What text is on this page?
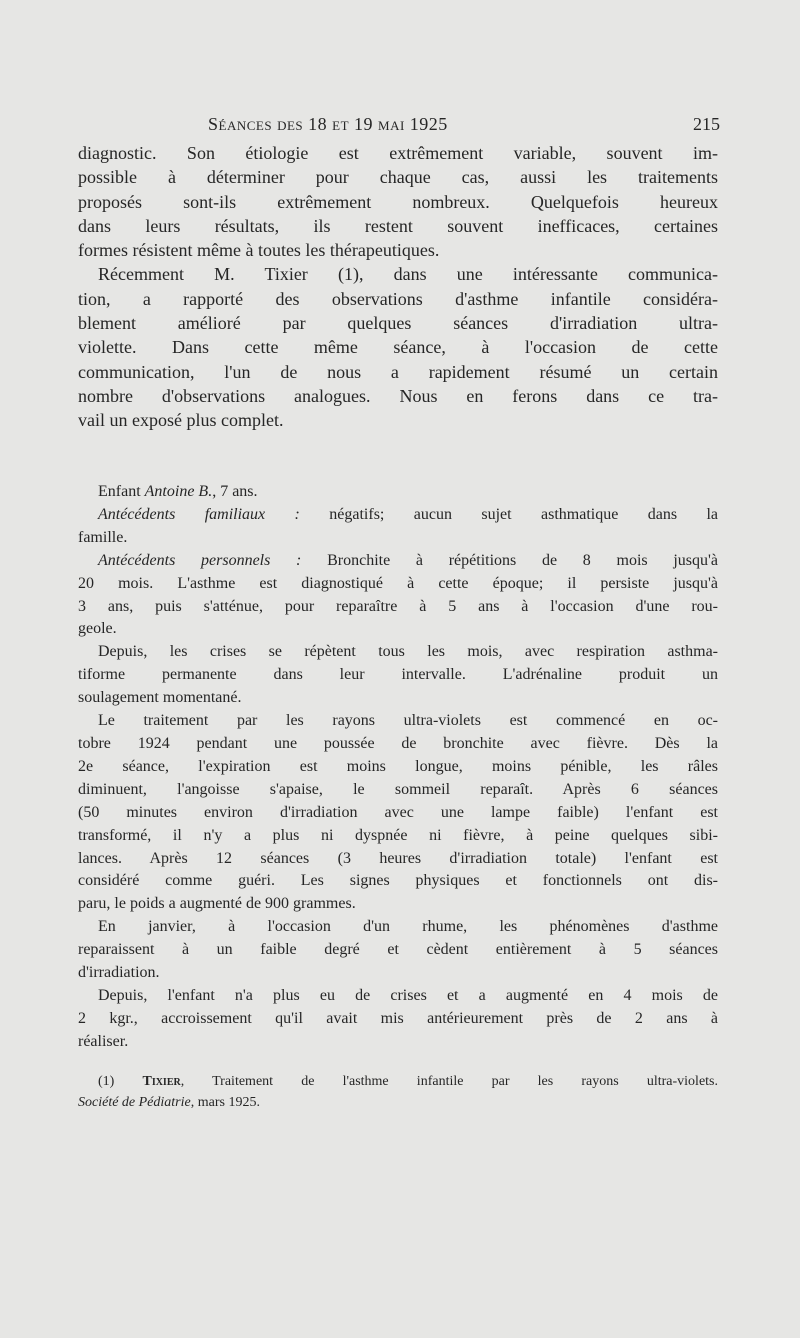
Séances des 18 et 19 mai 1925	215
diagnostic. Son étiologie est extrêmement variable, souvent im-
possible à déterminer pour chaque cas, aussi les traitements
proposés sont-ils extrêmement nombreux. Quelquefois heureux
dans leurs résultats, ils restent souvent inefficaces, certaines
formes résistent même à toutes les thérapeutiques.
Récemment M. Tixier (1), dans une intéressante communica-
tion, a rapporté des observations d'asthme infantile considéra-
blement amélioré par quelques séances d'irradiation ultra-
violette. Dans cette même séance, à l'occasion de cette
communication, l'un de nous a rapidement résumé un certain
nombre d'observations analogues. Nous en ferons dans ce tra-
vail un exposé plus complet.
Enfant Antoine B., 7 ans.
Antécédents familiaux : négatifs; aucun sujet asthmatique dans la
famille.
Antécédents personnels : Bronchite à répétitions de 8 mois jusqu'à
20 mois. L'asthme est diagnostiqué à cette époque; il persiste jusqu'à
3 ans, puis s'atténue, pour reparaître à 5 ans à l'occasion d'une rou-
geole.
Depuis, les crises se répètent tous les mois, avec respiration asthma-
tiforme permanente dans leur intervalle. L'adrénaline produit un
soulagement momentané.
Le traitement par les rayons ultra-violets est commencé en oc-
tobre 1924 pendant une poussée de bronchite avec fièvre. Dès la
2e séance, l'expiration est moins longue, moins pénible, les râles
diminuent, l'angoisse s'apaise, le sommeil reparaît. Après 6 séances
(50 minutes environ d'irradiation avec une lampe faible) l'enfant est
transformé, il n'y a plus ni dyspnée ni fièvre, à peine quelques sibi-
lances. Après 12 séances (3 heures d'irradiation totale) l'enfant est
considéré comme guéri. Les signes physiques et fonctionnels ont dis-
paru, le poids a augmenté de 900 grammes.
En janvier, à l'occasion d'un rhume, les phénomènes d'asthme
reparaissent à un faible degré et cèdent entièrement à 5 séances
d'irradiation.
Depuis, l'enfant n'a plus eu de crises et a augmenté en 4 mois de
2 kgr., accroissement qu'il avait mis antérieurement près de 2 ans à
réaliser.
(1) Tixier, Traitement de l'asthme infantile par les rayons ultra-violets.
Société de Pédiatrie, mars 1925.
